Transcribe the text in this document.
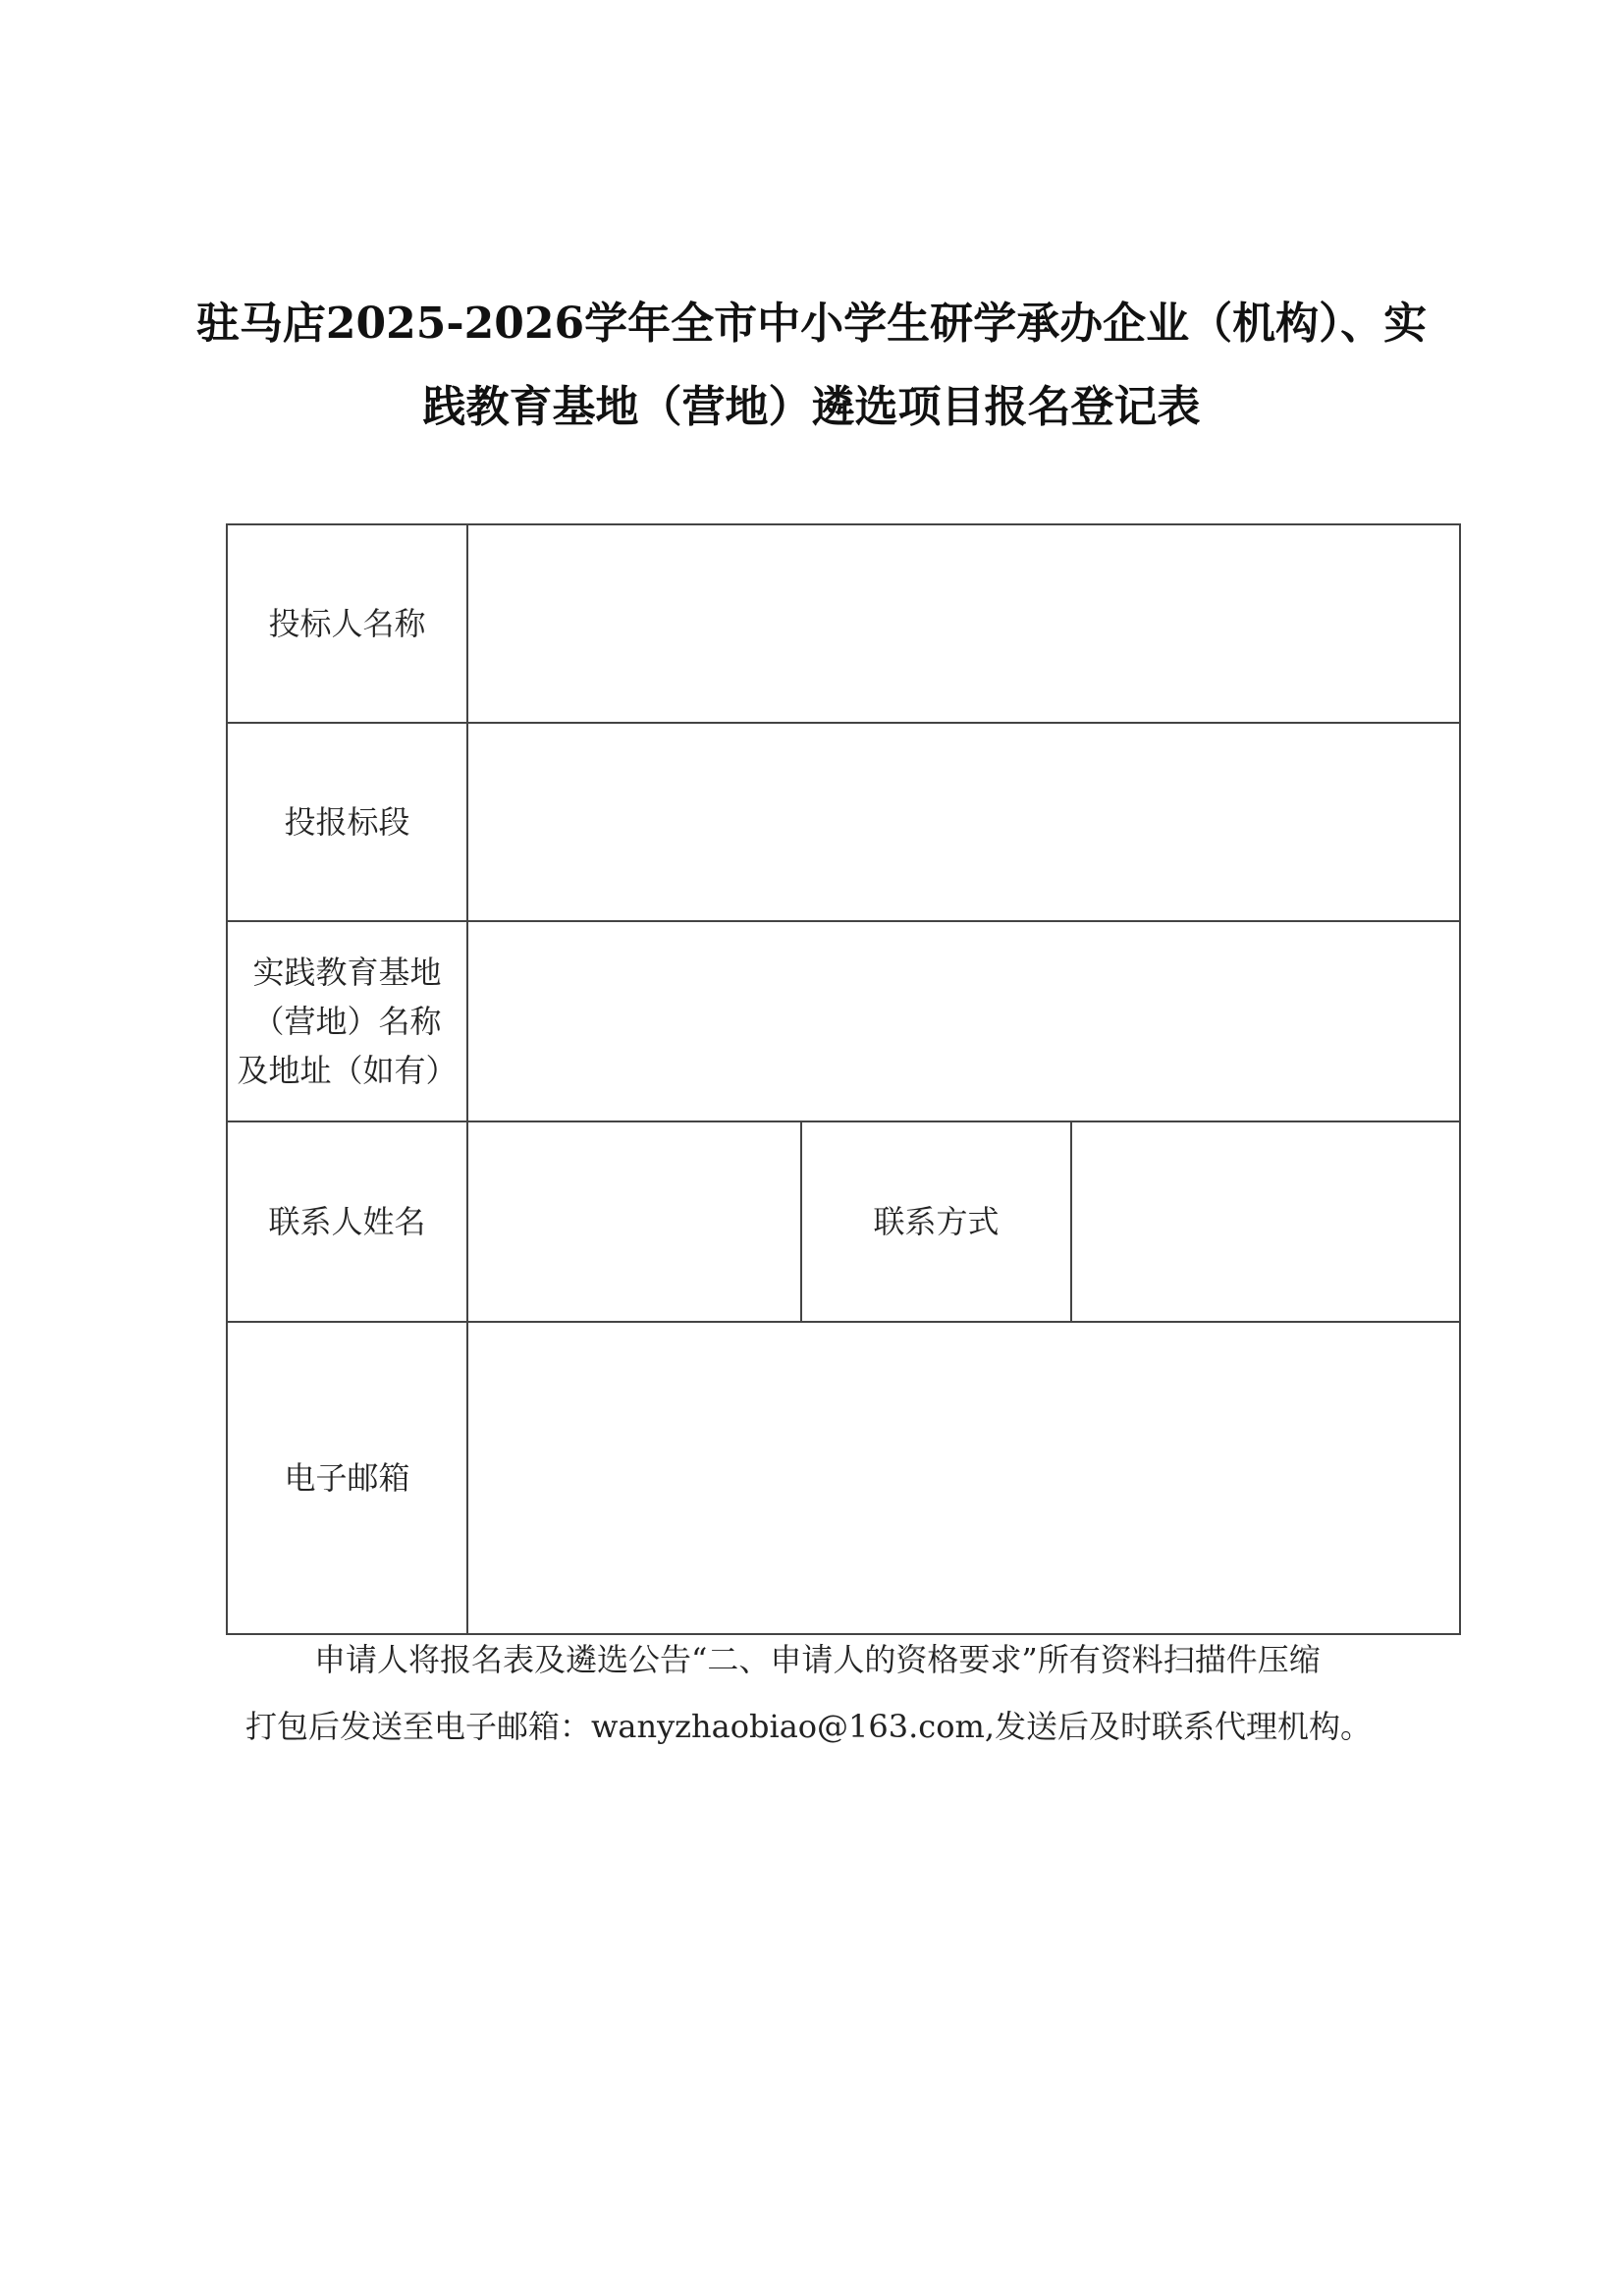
驻马店2025-2026学年全市中小学生研学承办企业（机构）、实
践教育基地（营地）遴选项目报名登记表
投标人名称			
投报标段			

实践教育基地
（营地）名称
及地址（如有）			

联系人姓名		联系方式	
电子邮箱			
申请人将报名表及遴选公告“二、申请人的资格要求”所有资料扫描件压缩
打包后发送至电子邮箱：wanyzhaobiao@163.com,发送后及时联系代理机构。
